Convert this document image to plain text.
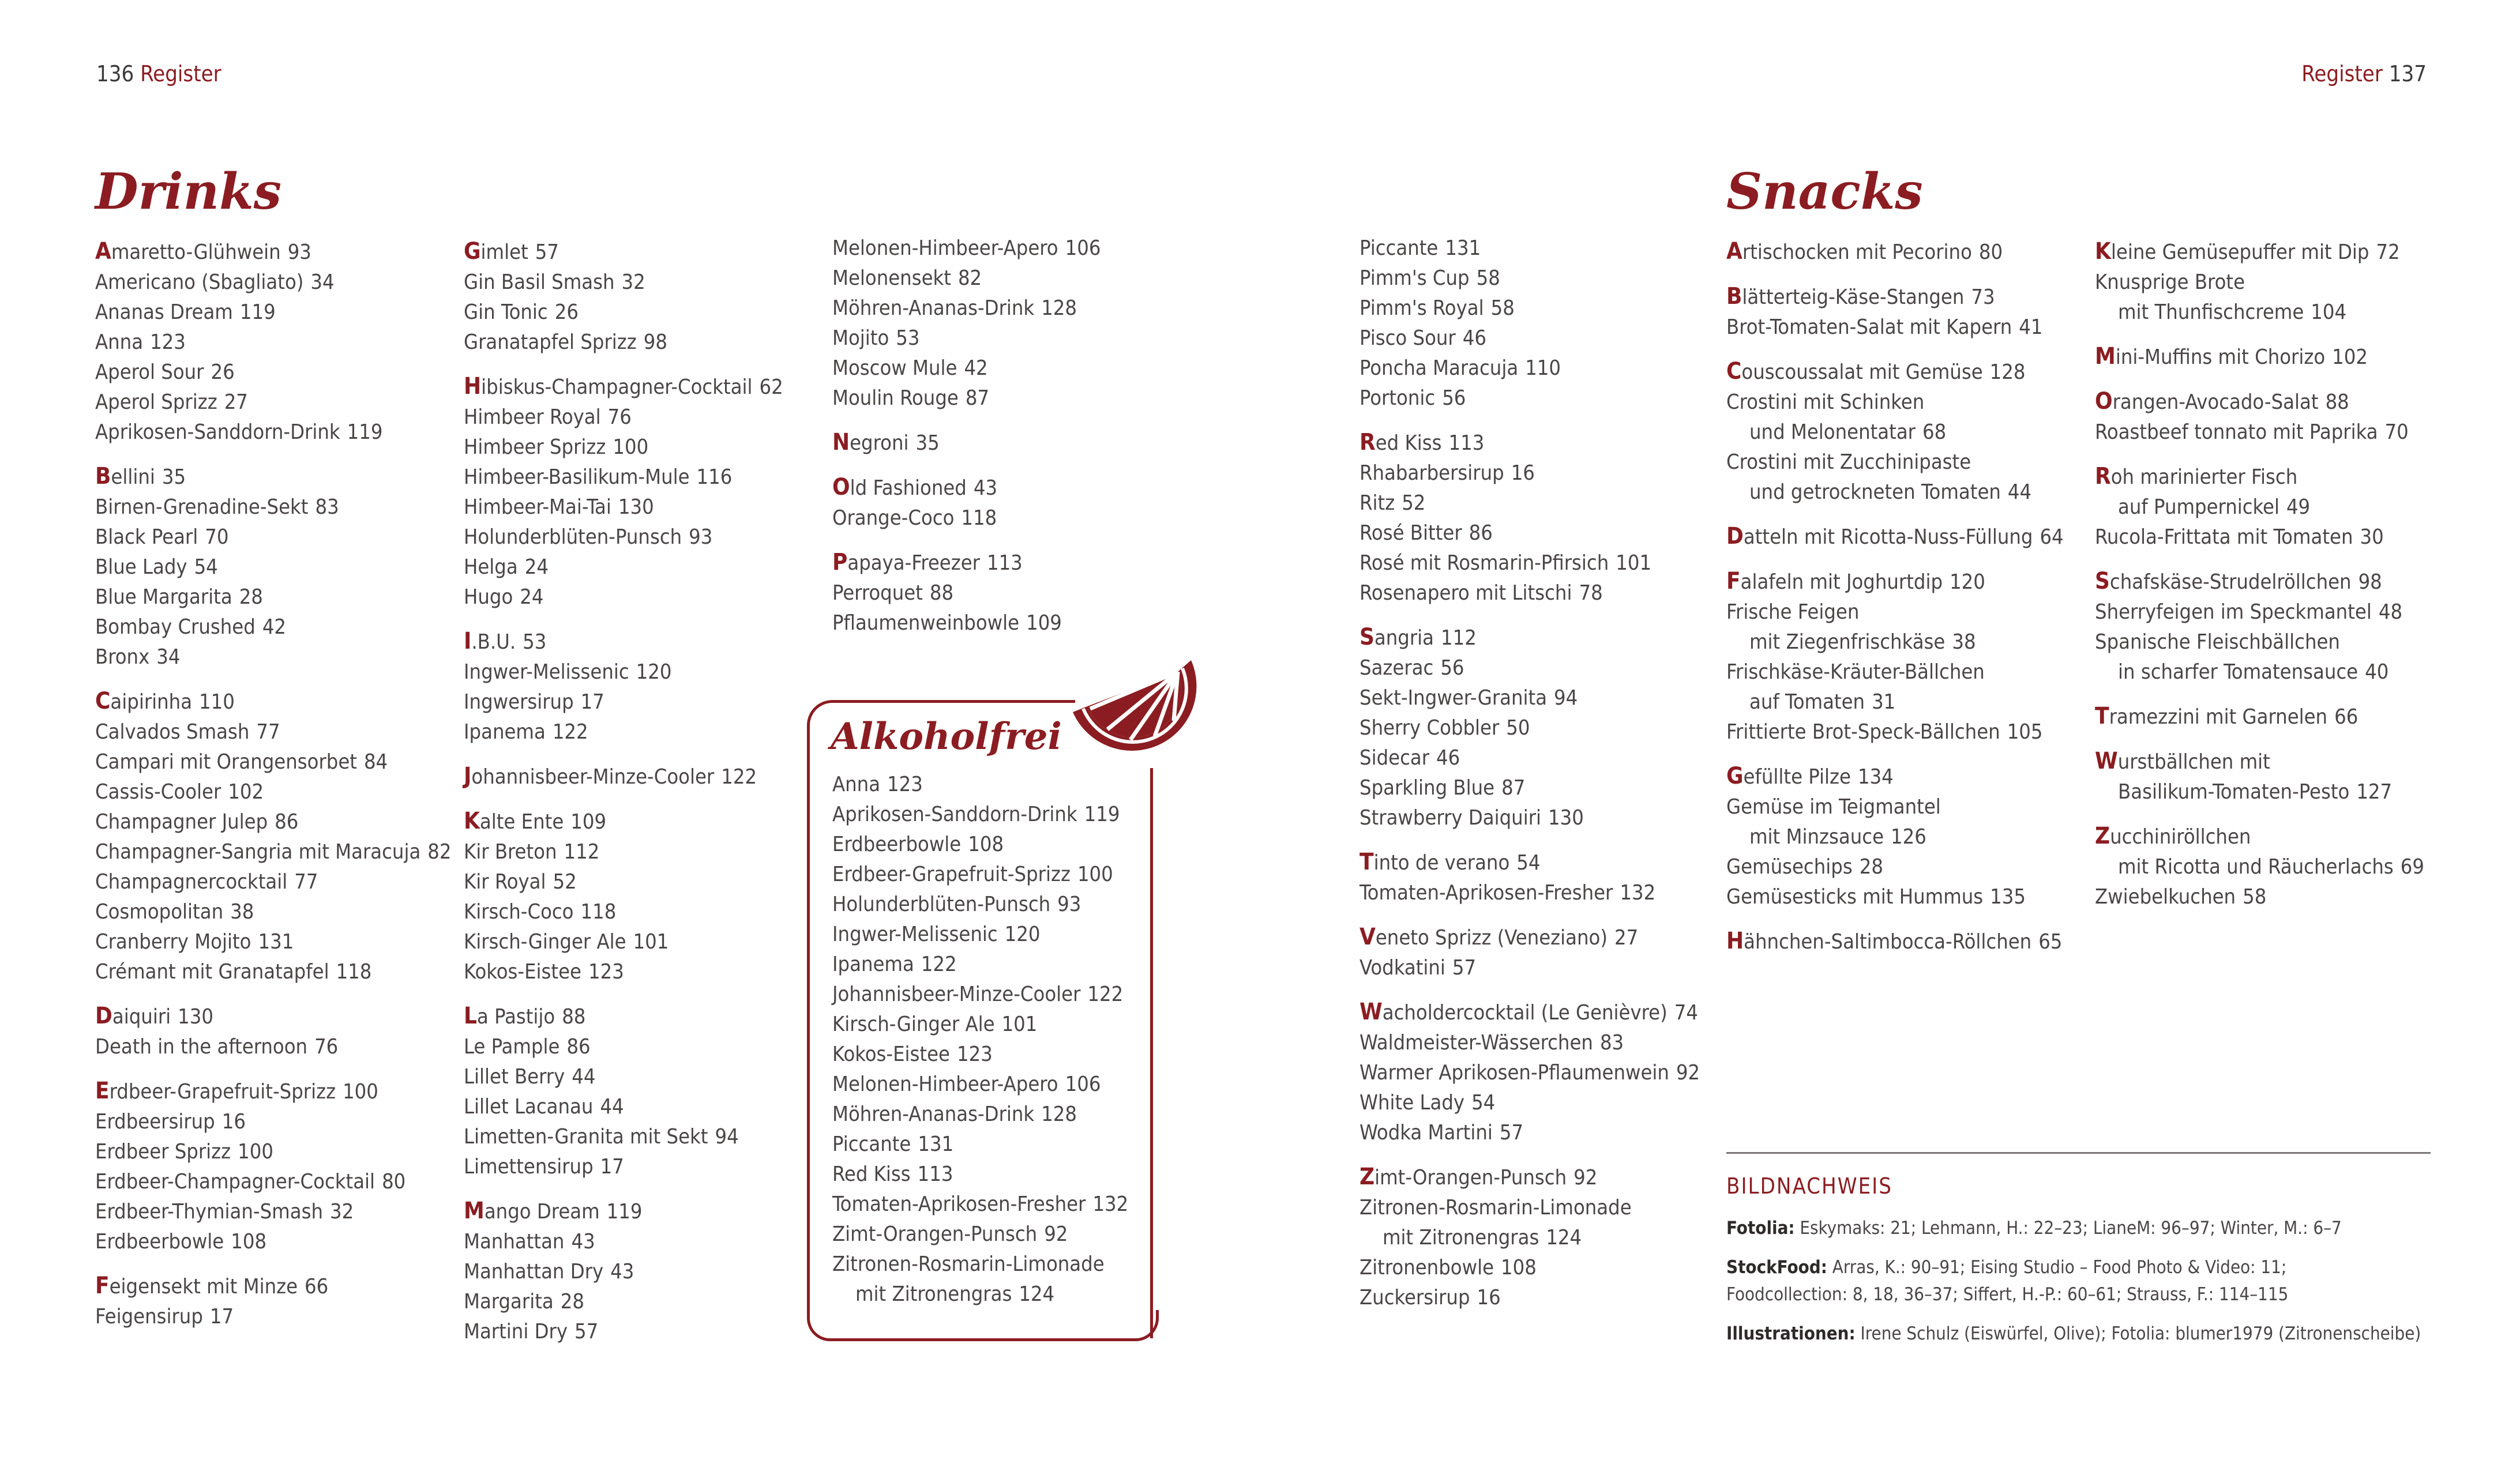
136 Register	Register 137
Drinks	Snacks
Amaretto-Glühwein 93
Americano (Sbagliato) 34
Ananas Dream 119
Anna 123
Aperol Sour 26
Aperol Sprizz 27
Aprikosen-Sanddorn-Drink 119
Bellini 35
Birnen-Grenadine-Sekt 83
Black Pearl 70
Blue Lady 54
Blue Margarita 28
Bombay Crushed 42
Bronx 34
Caipirinha 110
Calvados Smash 77
Campari mit Orangensorbet 84
Cassis-Cooler 102
Champagner Julep 86
Champagner-Sangria mit Maracuja 82
Champagnercocktail 77
Cosmopolitan 38
Cranberry Mojito 131
Crémant mit Granatapfel 118
Daiquiri 130
Death in the afternoon 76
Erdbeer-Grapefruit-Sprizz 100
Erdbeersirup 16
Erdbeer Sprizz 100
Erdbeer-Champagner-Cocktail 80
Erdbeer-Thymian-Smash 32
Erdbeerbowle 108
Feigensekt mit Minze 66
Feigensirup 17
Gimlet 57
Gin Basil Smash 32
Gin Tonic 26
Granatapfel Sprizz 98
Hibiskus-Champagner-Cocktail 62
Himbeer Royal 76
Himbeer Sprizz 100
Himbeer-Basilikum-Mule 116
Himbeer-Mai-Tai 130
Holunderblüten-Punsch 93
Helga 24
Hugo 24
I.B.U. 53
Ingwer-Melissenic 120
Ingwersirup 17
Ipanema 122
Johannisbeer-Minze-Cooler 122
Kalte Ente 109
Kir Breton 112
Kir Royal 52
Kirsch-Coco 118
Kirsch-Ginger Ale 101
Kokos-Eistee 123
La Pastijo 88
Le Pample 86
Lillet Berry 44
Lillet Lacanau 44
Limetten-Granita mit Sekt 94
Limettensirup 17
Mango Dream 119
Manhattan 43
Manhattan Dry 43
Margarita 28
Martini Dry 57
Melonen-Himbeer-Apero 106
Melonensekt 82
Möhren-Ananas-Drink 128
Mojito 53
Moscow Mule 42
Moulin Rouge 87
Negroni 35
Old Fashioned 43
Orange-Coco 118
Papaya-Freezer 113
Perroquet 88
Pflaumenweinbowle 109
Piccante 131
Pimm's Cup 58
Pimm's Royal 58
Pisco Sour 46
Poncha Maracuja 110
Portonic 56
Red Kiss 113
Rhabarbersirup 16
Ritz 52
Rosé Bitter 86
Rosé mit Rosmarin-Pfirsich 101
Rosenapero mit Litschi 78
Sangria 112
Sazerac 56
Sekt-Ingwer-Granita 94
Sherry Cobbler 50
Sidecar 46
Sparkling Blue 87
Strawberry Daiquiri 130
Tinto de verano 54
Tomaten-Aprikosen-Fresher 132
Veneto Sprizz (Veneziano) 27
Vodkatini 57
Wacholdercocktail (Le Genièvre) 74
Waldmeister-Wässerchen 83
Warmer Aprikosen-Pflaumenwein 92
White Lady 54
Wodka Martini 57
Zimt-Orangen-Punsch 92
Zitronen-Rosmarin-Limonade
mit Zitronengras 124
Zitronenbowle 108
Zuckersirup 16
Artischocken mit Pecorino 80
Blätterteig-Käse-Stangen 73
Brot-Tomaten-Salat mit Kapern 41
Couscoussalat mit Gemüse 128
Crostini mit Schinken
und Melonentatar 68
Crostini mit Zucchinipaste
und getrockneten Tomaten 44
Datteln mit Ricotta-Nuss-Füllung 64
Falafeln mit Joghurtdip 120
Frische Feigen
mit Ziegenfrischkäse 38
Frischkäse-Kräuter-Bällchen
auf Tomaten 31
Frittierte Brot-Speck-Bällchen 105
Gefüllte Pilze 134
Gemüse im Teigmantel
mit Minzsauce 126
Gemüsechips 28
Gemüsesticks mit Hummus 135
Hähnchen-Saltimbocca-Röllchen 65
Kleine Gemüsepuffer mit Dip 72
Knusprige Brote
mit Thunfischcreme 104
Mini-Muffins mit Chorizo 102
Orangen-Avocado-Salat 88
Roastbeef tonnato mit Paprika 70
Roh marinierter Fisch
auf Pumpernickel 49
Rucola-Frittata mit Tomaten 30
Schafskäse-Strudelröllchen 98
Sherryfeigen im Speckmantel 48
Spanische Fleischbällchen
in scharfer Tomatensauce 40
Tramezzini mit Garnelen 66
Wurstbällchen mit
Basilikum-Tomaten-Pesto 127
Zucchiniröllchen
mit Ricotta und Räucherlachs 69
Zwiebelkuchen 58
Alkoholfrei
Anna 123
Aprikosen-Sanddorn-Drink 119
Erdbeerbowle 108
Erdbeer-Grapefruit-Sprizz 100
Holunderblüten-Punsch 93
Ingwer-Melissenic 120
Ipanema 122
Johannisbeer-Minze-Cooler 122
Kirsch-Ginger Ale 101
Kokos-Eistee 123
Melonen-Himbeer-Apero 106
Möhren-Ananas-Drink 128
Piccante 131
Red Kiss 113
Tomaten-Aprikosen-Fresher 132
Zimt-Orangen-Punsch 92
Zitronen-Rosmarin-Limonade
mit Zitronengras 124
BILDNACHWEIS
Fotolia: Eskymaks: 21; Lehmann, H.: 22–23; LianeM: 96–97; Winter, M.: 6–7
StockFood: Arras, K.: 90–91; Eising Studio – Food Photo & Video: 11;
Foodcollection: 8, 18, 36–37; Siffert, H.-P.: 60–61; Strauss, F.: 114–115
Illustrationen: Irene Schulz (Eiswürfel, Olive); Fotolia: blumer1979 (Zitronenscheibe)
